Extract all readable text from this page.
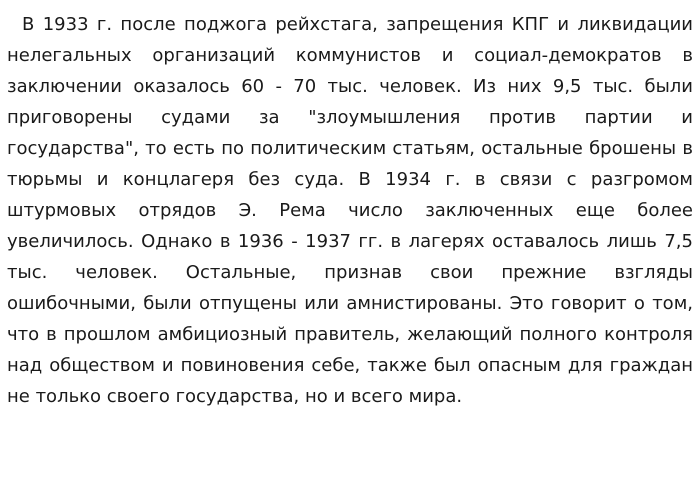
В 1933 г. после поджога рейхстага, запрещения КПГ и ликвидации нелегальных организаций коммунистов и социал-демократов в заключении оказалось 60 - 70 тыс. человек. Из них 9,5 тыс. были приговорены судами за "злоумышления против партии и государства", то есть по политическим статьям, остальные брошены в тюрьмы и концлагеря без суда. В 1934 г. в связи с разгромом штурмовых отрядов Э. Рема число заключенных еще более увеличилось. Однако в 1936 - 1937 гг. в лагерях оставалось лишь 7,5 тыс. человек. Остальные, признав свои прежние взгляды ошибочными, были отпущены или амнистированы. Это говорит о том, что в прошлом амбициозный правитель, желающий полного контроля над обществом и повиновения себе, также был опасным для граждан не только своего государства, но и всего мира.
